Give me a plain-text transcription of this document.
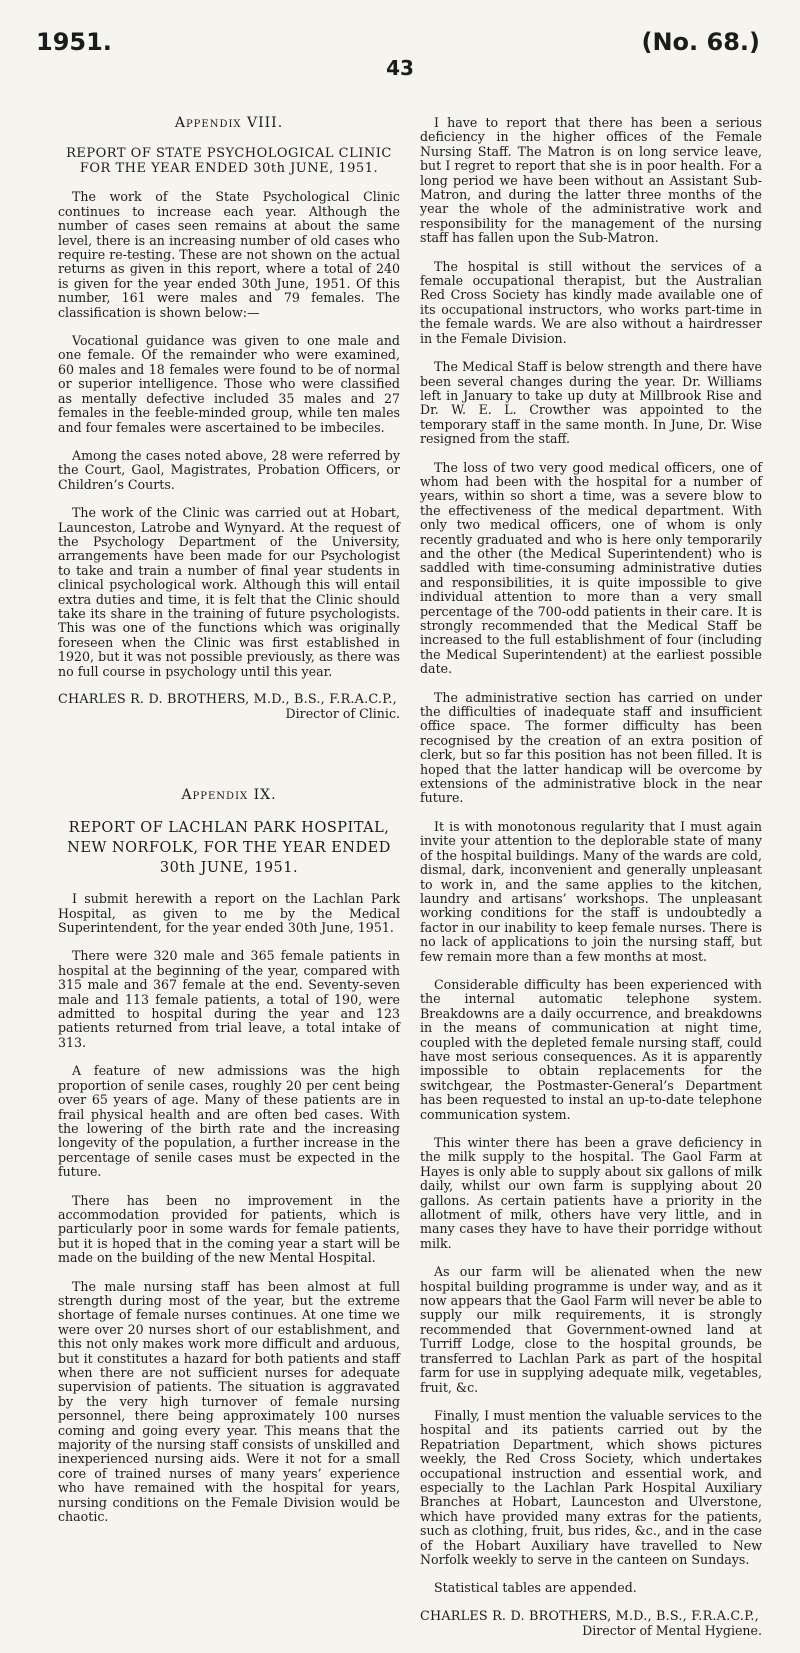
1951.	(No. 68.)
43
Appendix VIII.
REPORT OF STATE PSYCHOLOGICAL CLINIC FOR THE YEAR ENDED 30th JUNE, 1951.

The work of the State Psychological Clinic continues to increase each year. Although the number of cases seen remains at about the same level, there is an increasing number of old cases who require re-testing. These are not shown on the actual returns as given in this report, where a total of 240 is given for the year ended 30th June, 1951. Of this number, 161 were males and 79 females. The classification is shown below:—

Vocational guidance was given to one male and one female. Of the remainder who were examined, 60 males and 18 females were found to be of normal or superior intelligence. Those who were classified as mentally defective included 35 males and 27 females in the feeble-minded group, while ten males and four females were ascertained to be imbeciles.

Among the cases noted above, 28 were referred by the Court, Gaol, Magistrates, Probation Officers, or Children’s Courts.

The work of the Clinic was carried out at Hobart, Launceston, Latrobe and Wynyard. At the request of the Psychology Department of the University, arrangements have been made for our Psychologist to take and train a number of final year students in clinical psychological work. Although this will entail extra duties and time, it is felt that the Clinic should take its share in the training of future psychologists. This was one of the functions which was originally foreseen when the Clinic was first established in 1920, but it was not possible previously, as there was no full course in psychology until this year.

CHARLES R. D. BROTHERS, M.D., B.S., F.R.A.C.P.,
Director of Clinic.
Appendix IX.
REPORT OF LACHLAN PARK HOSPITAL, NEW NORFOLK, FOR THE YEAR ENDED 30th JUNE, 1951.

I submit herewith a report on the Lachlan Park Hospital, as given to me by the Medical Superintendent, for the year ended 30th June, 1951.

There were 320 male and 365 female patients in hospital at the beginning of the year, compared with 315 male and 367 female at the end. Seventy-seven male and 113 female patients, a total of 190, were admitted to hospital during the year and 123 patients returned from trial leave, a total intake of 313.

A feature of new admissions was the high proportion of senile cases, roughly 20 per cent being over 65 years of age. Many of these patients are in frail physical health and are often bed cases. With the lowering of the birth rate and the increasing longevity of the population, a further increase in the percentage of senile cases must be expected in the future.

There has been no improvement in the accommodation provided for patients, which is particularly poor in some wards for female patients, but it is hoped that in the coming year a start will be made on the building of the new Mental Hospital.

The male nursing staff has been almost at full strength during most of the year, but the extreme shortage of female nurses continues. At one time we were over 20 nurses short of our establishment, and this not only makes work more difficult and arduous, but it constitutes a hazard for both patients and staff when there are not sufficient nurses for adequate supervision of patients. The situation is aggravated by the very high turnover of female nursing personnel, there being approximately 100 nurses coming and going every year. This means that the majority of the nursing staff consists of unskilled and inexperienced nursing aids. Were it not for a small core of trained nurses of many years’ experience who have remained with the hospital for years, nursing conditions on the Female Division would be chaotic.

I have to report that there has been a serious deficiency in the higher offices of the Female Nursing Staff. The Matron is on long service leave, but I regret to report that she is in poor health. For a long period we have been without an Assistant Sub-Matron, and during the latter three months of the year the whole of the administrative work and responsibility for the management of the nursing staff has fallen upon the Sub-Matron.

The hospital is still without the services of a female occupational therapist, but the Australian Red Cross Society has kindly made available one of its occupational instructors, who works part-time in the female wards. We are also without a hairdresser in the Female Division.

The Medical Staff is below strength and there have been several changes during the year. Dr. Williams left in January to take up duty at Millbrook Rise and Dr. W. E. L. Crowther was appointed to the temporary staff in the same month. In June, Dr. Wise resigned from the staff.

The loss of two very good medical officers, one of whom had been with the hospital for a number of years, within so short a time, was a severe blow to the effectiveness of the medical department. With only two medical officers, one of whom is only recently graduated and who is here only temporarily and the other (the Medical Superintendent) who is saddled with time-consuming administrative duties and responsibilities, it is quite impossible to give individual attention to more than a very small percentage of the 700-odd patients in their care. It is strongly recommended that the Medical Staff be increased to the full establishment of four (including the Medical Superintendent) at the earliest possible date.

The administrative section has carried on under the difficulties of inadequate staff and insufficient office space. The former difficulty has been recognised by the creation of an extra position of clerk, but so far this position has not been filled. It is hoped that the latter handicap will be overcome by extensions of the administrative block in the near future.

It is with monotonous regularity that I must again invite your attention to the deplorable state of many of the hospital buildings. Many of the wards are cold, dismal, dark, inconvenient and generally unpleasant to work in, and the same applies to the kitchen, laundry and artisans’ workshops. The unpleasant working conditions for the staff is undoubtedly a factor in our inability to keep female nurses. There is no lack of applications to join the nursing staff, but few remain more than a few months at most.

Considerable difficulty has been experienced with the internal automatic telephone system. Breakdowns are a daily occurrence, and breakdowns in the means of communication at night time, coupled with the depleted female nursing staff, could have most serious consequences. As it is apparently impossible to obtain replacements for the switchgear, the Postmaster-General’s Department has been requested to instal an up-to-date telephone communication system.

This winter there has been a grave deficiency in the milk supply to the hospital. The Gaol Farm at Hayes is only able to supply about six gallons of milk daily, whilst our own farm is supplying about 20 gallons. As certain patients have a priority in the allotment of milk, others have very little, and in many cases they have to have their porridge without milk.

As our farm will be alienated when the new hospital building programme is under way, and as it now appears that the Gaol Farm will never be able to supply our milk requirements, it is strongly recommended that Government-owned land at Turriff Lodge, close to the hospital grounds, be transferred to Lachlan Park as part of the hospital farm for use in supplying adequate milk, vegetables, fruit, &c.

Finally, I must mention the valuable services to the hospital and its patients carried out by the Repatriation Department, which shows pictures weekly, the Red Cross Society, which undertakes occupational instruction and essential work, and especially to the Lachlan Park Hospital Auxiliary Branches at Hobart, Launceston and Ulverstone, which have provided many extras for the patients, such as clothing, fruit, bus rides, &c., and in the case of the Hobart Auxiliary have travelled to New Norfolk weekly to serve in the canteen on Sundays.

Statistical tables are appended.

CHARLES R. D. BROTHERS, M.D., B.S., F.R.A.C.P.,
Director of Mental Hygiene.
